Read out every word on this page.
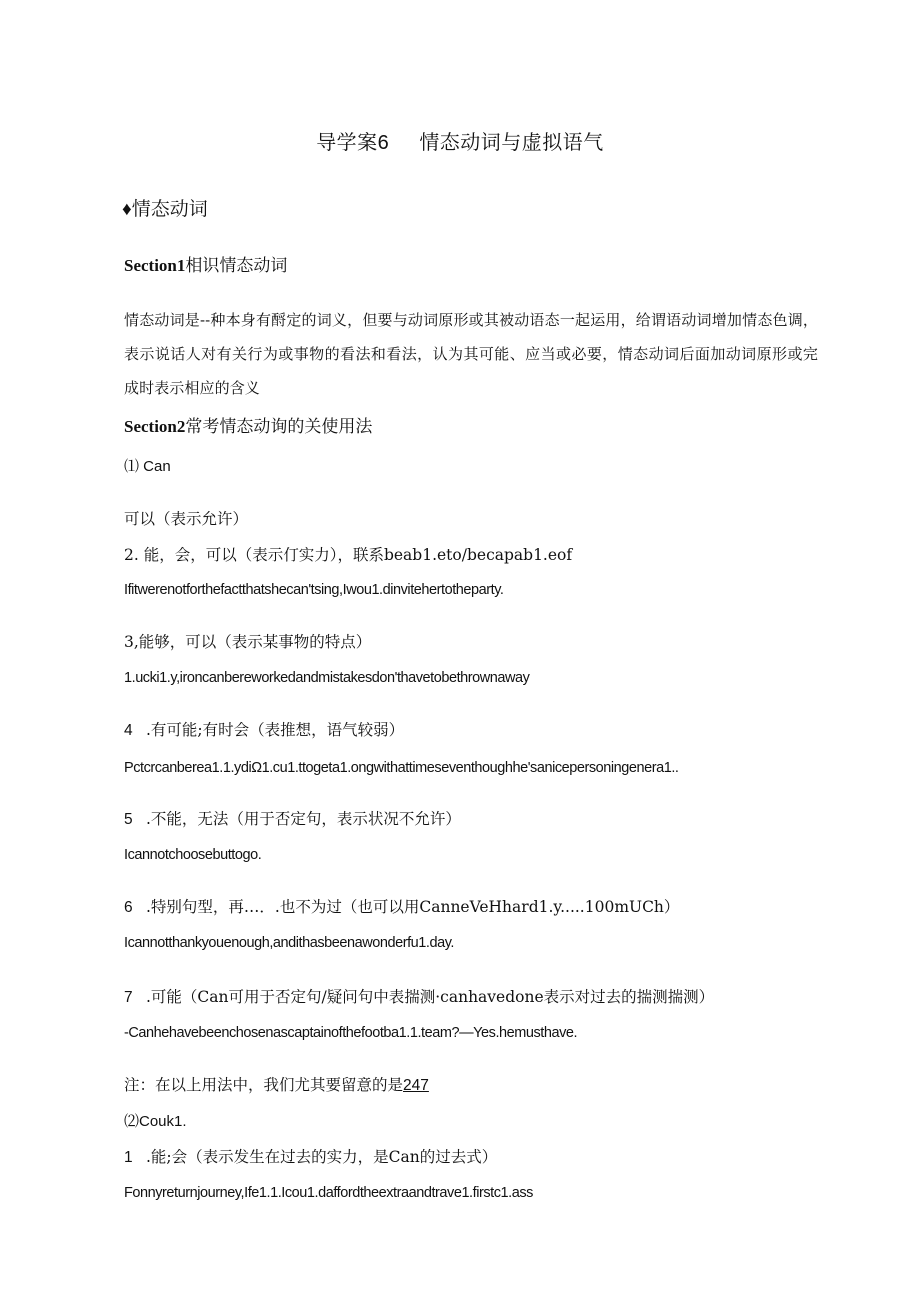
导学案6 情态动词与虚拟语气
♦情态动词
Section1相识情态动词
情态动词是--种本身有酹定的词义，但要与动词原形或其被动语态一起运用，给谓语动词增加情态色调，表示说话人对有关行为或事物的看法和看法，认为其可能、应当或必要，情态动词后面加动词原形或完成时表示相应的含义
Section2常考情态动询的关使用法
⑴ Can
可以（表示允许）
2. 能，会，可以（表示仃实力），联系beab1.eto/becapab1.eof
Ifitwerenotforthefactthatshecan'tsing,Iwou1.dinvitehertotheparty.
3,能够，可以（表示某事物的特点）
1.ucki1.y,ironcanbereworkedandmistakesdon'thavetobethrownaway
4 .有可能;有时会（表推想，语气较弱）
Pctcrcanberea1.1.ydiΩ1.cu1.ttogeta1.ongwithattimeseventhoughhe'sanicepersoningenera1..
5 .不能，无法（用于否定句，表示状况不允许）
Icannotchoosebuttogo.
6 .特别句型，再…．.也不为过（也可以用CanneVeHhard1.y.....100mUCh）
Icannotthankyouenough,andithasbeenawonderfu1.day.
7 .可能（Can可用于否定句/疑问句中表揣测·canhavedone表示对过去的揣测揣测）
-Canhehavebeenchosenascaptainofthefootba1.1.team?—Yes.hemusthave.
注：在以上用法中，我们尤其要留意的是247
⑵Couk1.
1 .能;会（表示发生在过去的实力，是Can的过去式）
Fonnyreturnjourney,Ife1.1.Icou1.daffordtheextraandtrave1.firstc1.ass
